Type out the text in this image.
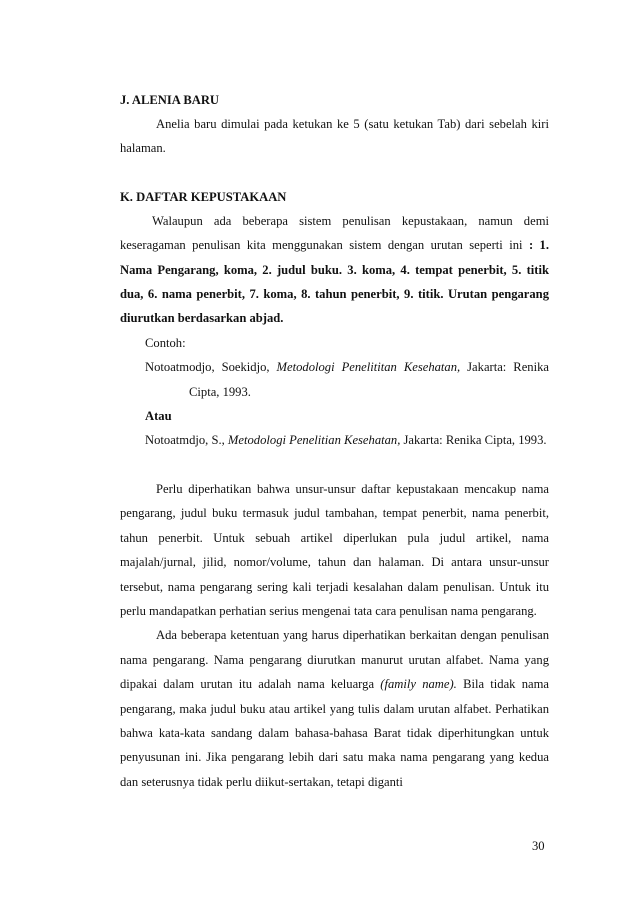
J. ALENIA BARU

Anelia baru dimulai pada ketukan ke 5 (satu ketukan Tab) dari sebelah kiri halaman.

K. DAFTAR KEPUSTAKAAN

Walaupun ada beberapa sistem penulisan kepustakaan, namun demi keseragaman penulisan kita menggunakan sistem dengan urutan seperti ini : 1. Nama Pengarang, koma, 2. judul buku. 3. koma, 4. tempat penerbit, 5. titik dua, 6. nama penerbit, 7. koma, 8. tahun penerbit, 9. titik. Urutan pengarang diurutkan berdasarkan abjad.

Contoh:

Notoatmodjo, Soekidjo, Metodologi Penelititan Kesehatan, Jakarta: Renika Cipta, 1993.

Atau

Notoatmdjo, S., Metodologi Penelitian Kesehatan, Jakarta: Renika Cipta, 1993.

Perlu diperhatikan bahwa unsur-unsur daftar kepustakaan mencakup nama pengarang, judul buku termasuk judul tambahan, tempat penerbit, nama penerbit, tahun penerbit. Untuk sebuah artikel diperlukan pula judul artikel, nama majalah/jurnal, jilid, nomor/volume, tahun dan halaman. Di antara unsur-unsur tersebut, nama pengarang sering kali terjadi kesalahan dalam penulisan. Untuk itu perlu mandapatkan perhatian serius mengenai tata cara penulisan nama pengarang.

Ada beberapa ketentuan yang harus diperhatikan berkaitan dengan penulisan nama pengarang. Nama pengarang diurutkan manurut urutan alfabet. Nama yang dipakai dalam urutan itu adalah nama keluarga (family name). Bila tidak nama pengarang, maka judul buku atau artikel yang tulis dalam urutan alfabet. Perhatikan bahwa kata-kata sandang dalam bahasa-bahasa Barat tidak diperhitungkan untuk penyusunan ini. Jika pengarang lebih dari satu maka nama pengarang yang kedua dan seterusnya tidak perlu diikut-sertakan, tetapi diganti

30
